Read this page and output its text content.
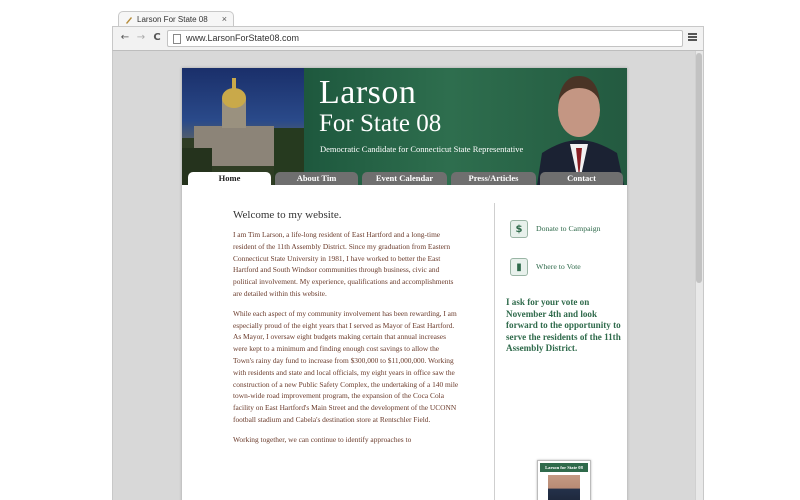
Larson For State 08 ×
← → C	www.LarsonForState08.com
Larson
For State 08
Democratic Candidate for Connecticut State Representative
Home	About Tim	Event Calendar	Press/Articles	Contact
Welcome to my website.

I am Tim Larson, a life-long resident of East Hartford and a long-time resident of the 11th Assembly District. Since my graduation from Eastern Connecticut State University in 1981, I have worked to better the East Hartford and South Windsor communities through business, civic and political involvement. My experience, qualifications and accomplishments are detailed within this website.

While each aspect of my community involvement has been rewarding, I am especially proud of the eight years that I served as Mayor of East Hartford. As Mayor, I oversaw eight budgets making certain that annual increases were kept to a minimum and finding enough cost savings to allow the Town's rainy day fund to increase from $300,000 to $11,000,000. Working with residents and state and local officials, my eight years in office saw the construction of a new Public Safety Complex, the undertaking of a 140 mile town-wide road improvement program, the expansion of the Coca Cola facility on East Hartford's Main Street and the development of the UCONN football stadium and Cabela's destination store at Rentschler Field.

Working together, we can continue to identify approaches to

$	Donate to Campaign
▮	Where to Vote
I ask for your vote on November 4th and look forward to the opportunity to serve the residents of the 11th Assembly District.
Larson for State 08
